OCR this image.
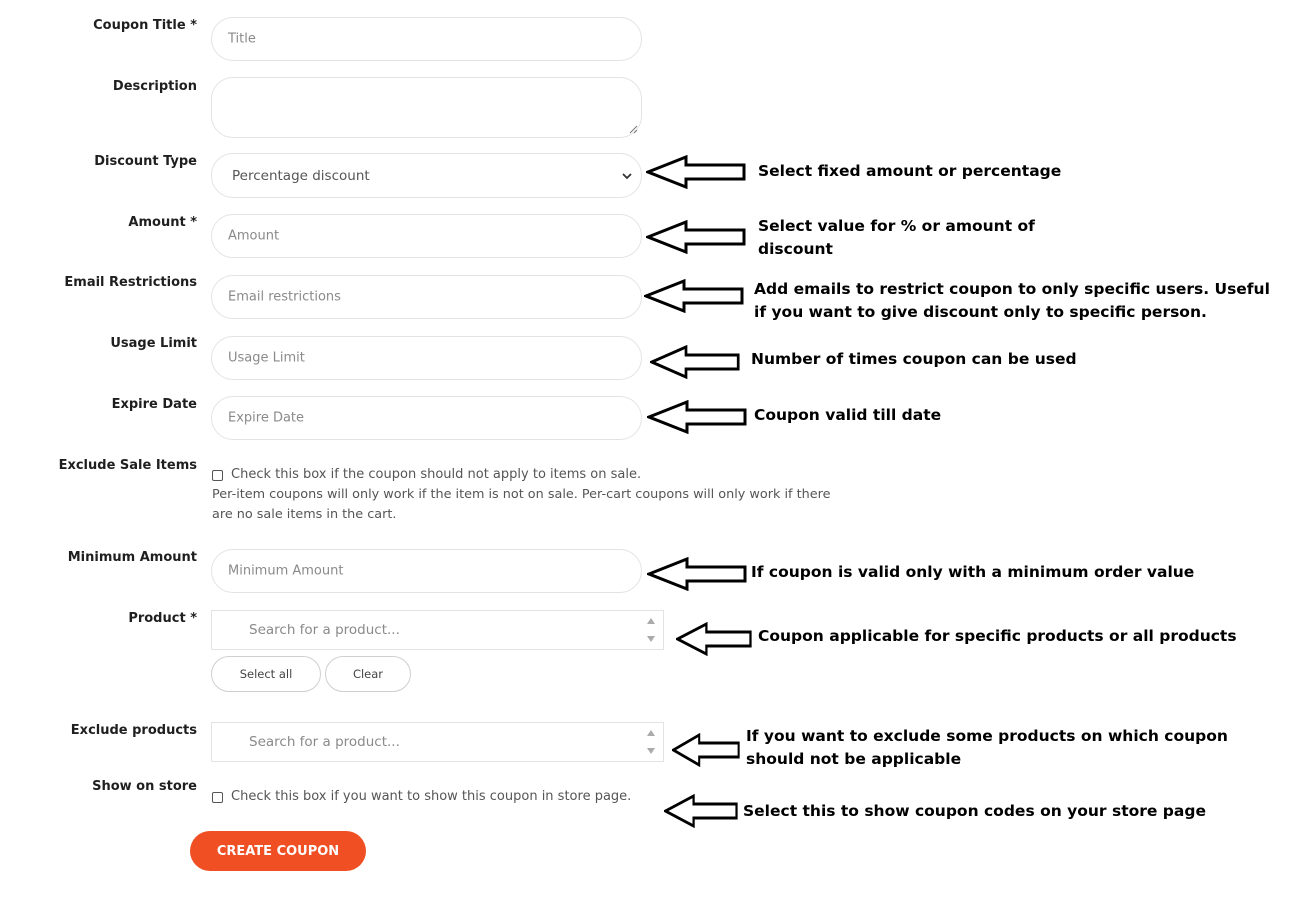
Coupon Title *
Description
Discount Type
Amount *
Email Restrictions
Usage Limit
Expire Date
Exclude Sale Items
Minimum Amount
Product *
Exclude products
Show on store
Title
Percentage discount
Amount
Email restrictions
Usage Limit
Expire Date
Check this box if the coupon should not apply to items on sale.
Per-item coupons will only work if the item is not on sale. Per-cart coupons will only work if there
are no sale items in the cart.
Minimum Amount
Search for a product...
Select all	Clear
Search for a product...
Check this box if you want to show this coupon in store page.
CREATE COUPON
Select fixed amount or percentage
Select value for % or amount of
discount
Add emails to restrict coupon to only specific users. Useful
if you want to give discount only to specific person.
Number of times coupon can be used
Coupon valid till date
If coupon is valid only with a minimum order value
Coupon applicable for specific products or all products
If you want to exclude some products on which coupon
should not be applicable
Select this to show coupon codes on your store page
